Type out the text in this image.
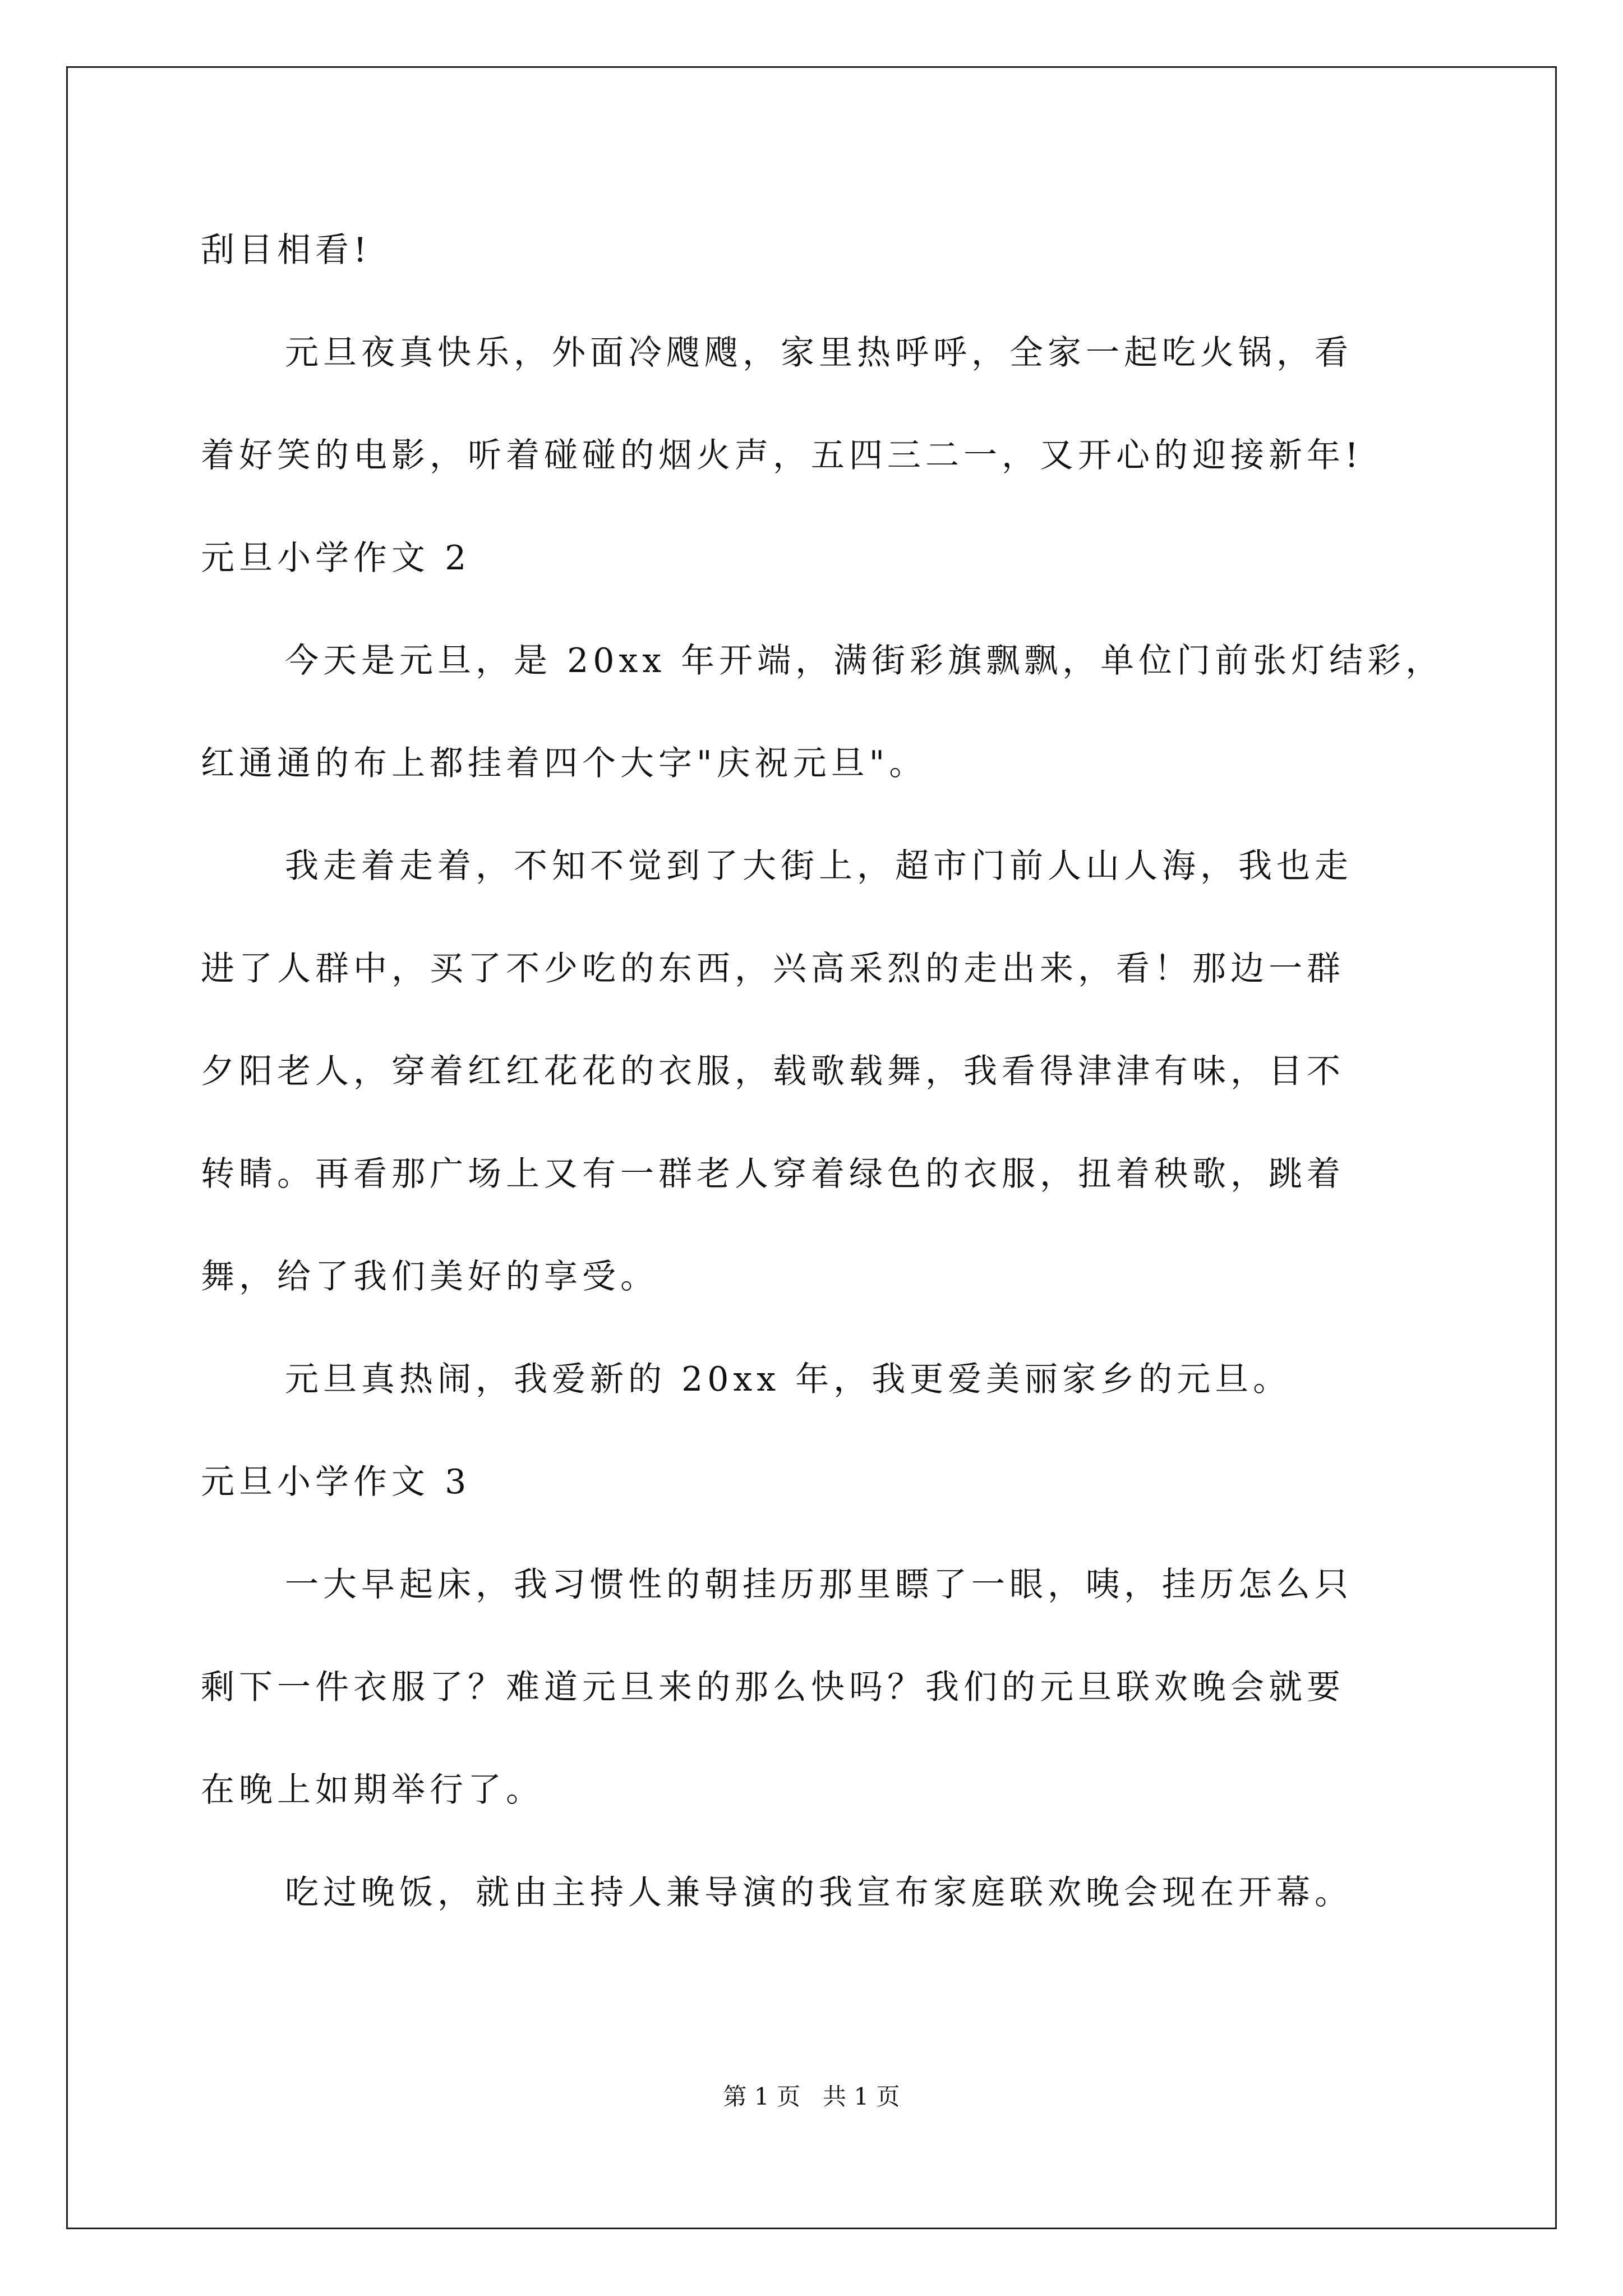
刮目相看!
元旦夜真快乐，外面冷飕飕，家里热呼呼，全家一起吃火锅，看
着好笑的电影，听着碰碰的烟火声，五四三二一，又开心的迎接新年!
元旦小学作文 2
今天是元旦，是 20xx 年开端，满街彩旗飘飘，单位门前张灯结彩，
红通通的布上都挂着四个大字"庆祝元旦"。
我走着走着，不知不觉到了大街上，超市门前人山人海，我也走
进了人群中，买了不少吃的东西，兴高采烈的走出来，看！那边一群
夕阳老人，穿着红红花花的衣服，载歌载舞，我看得津津有味，目不
转睛。再看那广场上又有一群老人穿着绿色的衣服，扭着秧歌，跳着
舞，给了我们美好的享受。
元旦真热闹，我爱新的 20xx 年，我更爱美丽家乡的元旦。
元旦小学作文 3
一大早起床，我习惯性的朝挂历那里瞟了一眼，咦，挂历怎么只
剩下一件衣服了？难道元旦来的那么快吗？我们的元旦联欢晚会就要
在晚上如期举行了。
吃过晚饭，就由主持人兼导演的我宣布家庭联欢晚会现在开幕。
第 1 页   共 1 页
